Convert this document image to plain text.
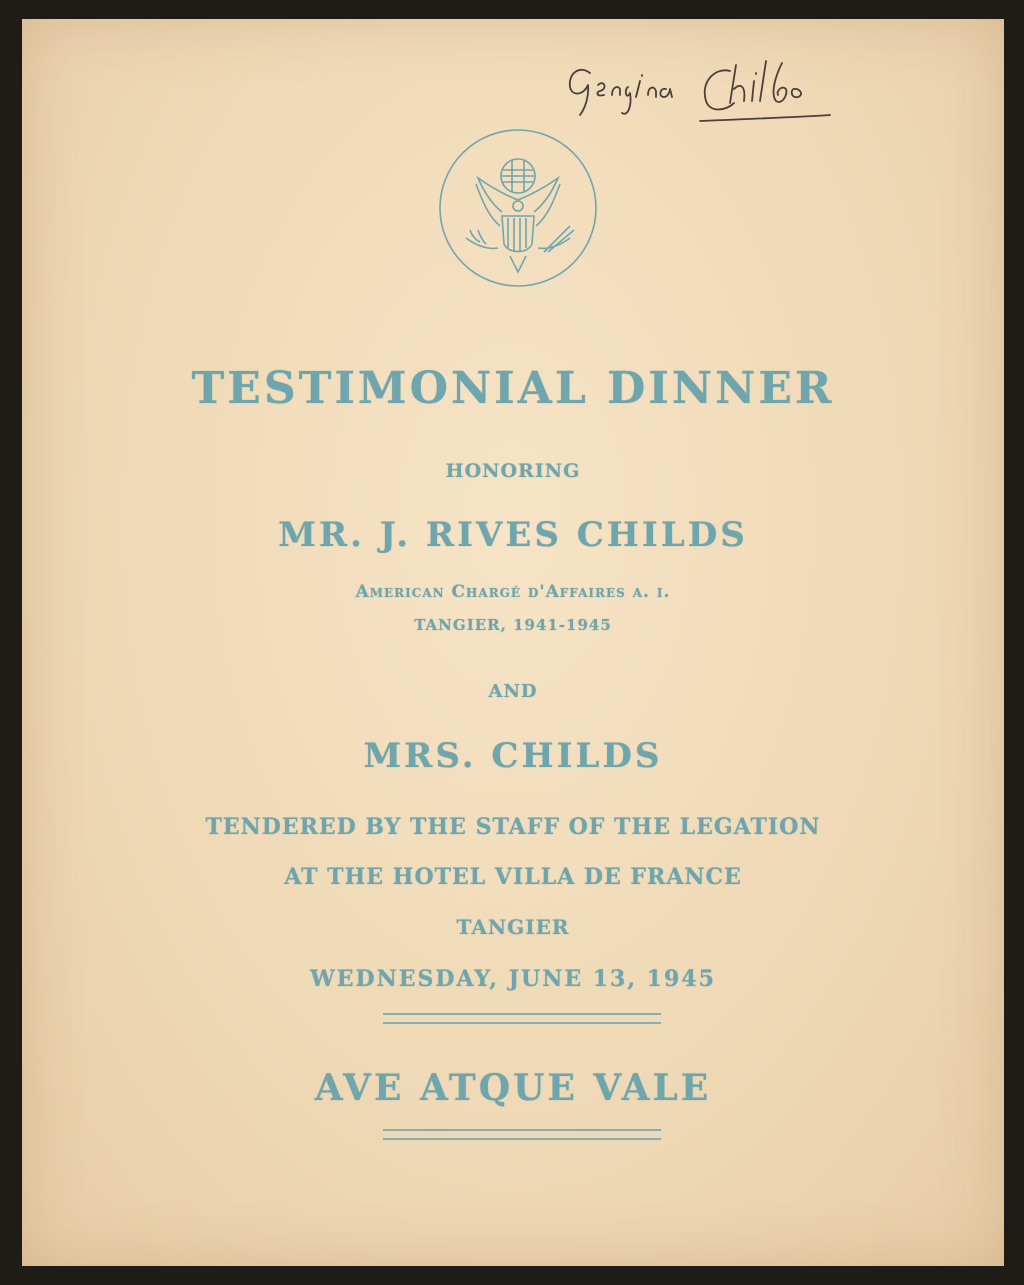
TESTIMONIAL DINNER
HONORING
MR. J. RIVES CHILDS
American Chargé d'Affaires a. i.
TANGIER, 1941-1945
AND
MRS. CHILDS
TENDERED BY THE STAFF OF THE LEGATION
AT THE HOTEL VILLA DE FRANCE
TANGIER
WEDNESDAY, JUNE 13, 1945
AVE ATQUE VALE
